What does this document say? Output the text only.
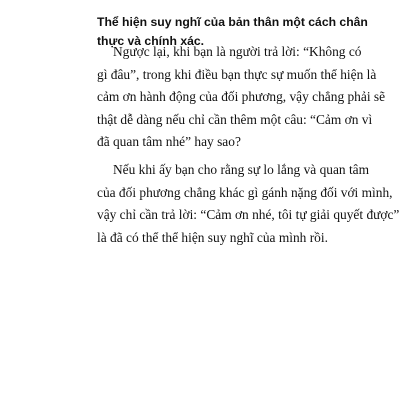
Thể hiện suy nghĩ của bản thân một cách chân
thực và chính xác.

Ngược lại, khi bạn là người trả lời: “Không có
gì đâu”, trong khi điều bạn thực sự muốn thể hiện là
cảm ơn hành động của đối phương, vậy chẳng phải sẽ
thật dễ dàng nếu chỉ cần thêm một câu: “Cảm ơn vì
đã quan tâm nhé” hay sao?

Nếu khi ấy bạn cho rằng sự lo lắng và quan tâm
của đối phương chẳng khác gì gánh nặng đối với mình,
vậy chỉ cần trả lời: “Cảm ơn nhé, tôi tự giải quyết được”
là đã có thể thể hiện suy nghĩ của mình rồi.
